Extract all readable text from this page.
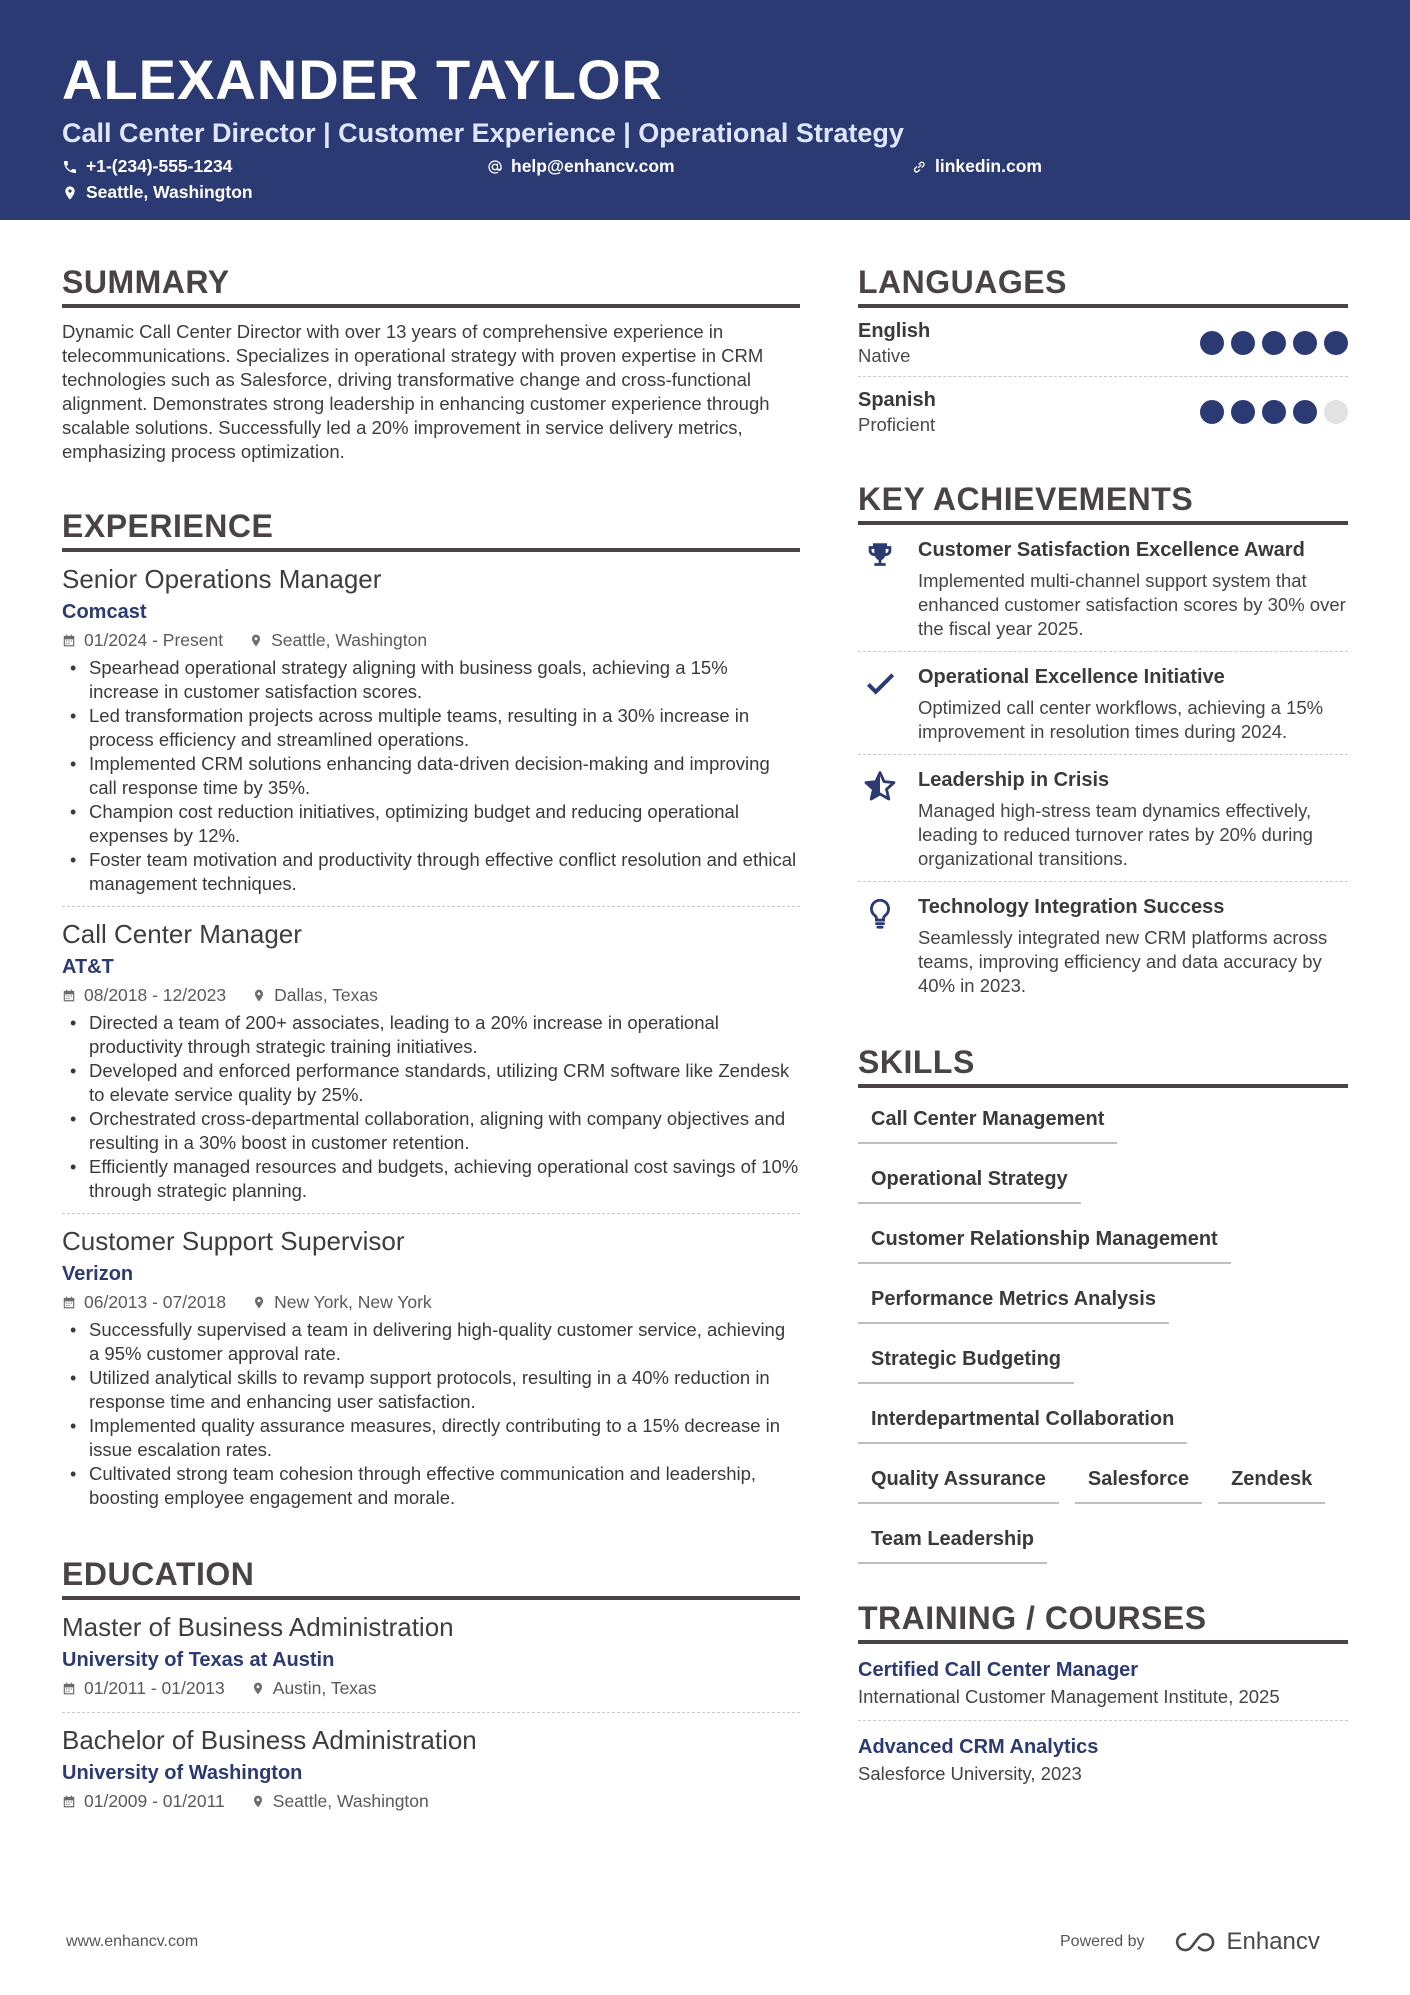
ALEXANDER TAYLOR
Call Center Director | Customer Experience | Operational Strategy
+1-(234)-555-1234	help@enhancv.com	linkedin.com
Seattle, Washington
SUMMARY

Dynamic Call Center Director with over 13 years of comprehensive experience in telecommunications. Specializes in operational strategy with proven expertise in CRM technologies such as Salesforce, driving transformative change and cross-functional alignment. Demonstrates strong leadership in enhancing customer experience through scalable solutions. Successfully led a 20% improvement in service delivery metrics, emphasizing process optimization.

EXPERIENCE
Senior Operations Manager
Comcast
01/2024 - Present	Seattle, Washington
• Spearhead operational strategy aligning with business goals, achieving a 15% increase in customer satisfaction scores.
• Led transformation projects across multiple teams, resulting in a 30% increase in process efficiency and streamlined operations.
• Implemented CRM solutions enhancing data-driven decision-making and improving call response time by 35%.
• Champion cost reduction initiatives, optimizing budget and reducing operational expenses by 12%.
• Foster team motivation and productivity through effective conflict resolution and ethical management techniques.
Call Center Manager
AT&T
08/2018 - 12/2023	Dallas, Texas
• Directed a team of 200+ associates, leading to a 20% increase in operational productivity through strategic training initiatives.
• Developed and enforced performance standards, utilizing CRM software like Zendesk to elevate service quality by 25%.
• Orchestrated cross-departmental collaboration, aligning with company objectives and resulting in a 30% boost in customer retention.
• Efficiently managed resources and budgets, achieving operational cost savings of 10% through strategic planning.
Customer Support Supervisor
Verizon
06/2013 - 07/2018	New York, New York
• Successfully supervised a team in delivering high-quality customer service, achieving a 95% customer approval rate.
• Utilized analytical skills to revamp support protocols, resulting in a 40% reduction in response time and enhancing user satisfaction.
• Implemented quality assurance measures, directly contributing to a 15% decrease in issue escalation rates.
• Cultivated strong team cohesion through effective communication and leadership, boosting employee engagement and morale.
EDUCATION
Master of Business Administration
University of Texas at Austin
01/2011 - 01/2013	Austin, Texas
Bachelor of Business Administration
University of Washington
01/2009 - 01/2011	Seattle, Washington
LANGUAGES
English
Native
Spanish
Proficient
KEY ACHIEVEMENTS
Customer Satisfaction Excellence Award
Implemented multi-channel support system that enhanced customer satisfaction scores by 30% over the fiscal year 2025.
Operational Excellence Initiative
Optimized call center workflows, achieving a 15% improvement in resolution times during 2024.
Leadership in Crisis
Managed high-stress team dynamics effectively, leading to reduced turnover rates by 20% during organizational transitions.
Technology Integration Success
Seamlessly integrated new CRM platforms across teams, improving efficiency and data accuracy by 40% in 2023.
SKILLS
Call Center Management
Operational Strategy
Customer Relationship Management
Performance Metrics Analysis
Strategic Budgeting
Interdepartmental Collaboration
Quality Assurance	Salesforce	Zendesk
Team Leadership
TRAINING / COURSES
Certified Call Center Manager
International Customer Management Institute, 2025
Advanced CRM Analytics
Salesforce University, 2023
www.enhancv.com	Powered by	Enhancv
